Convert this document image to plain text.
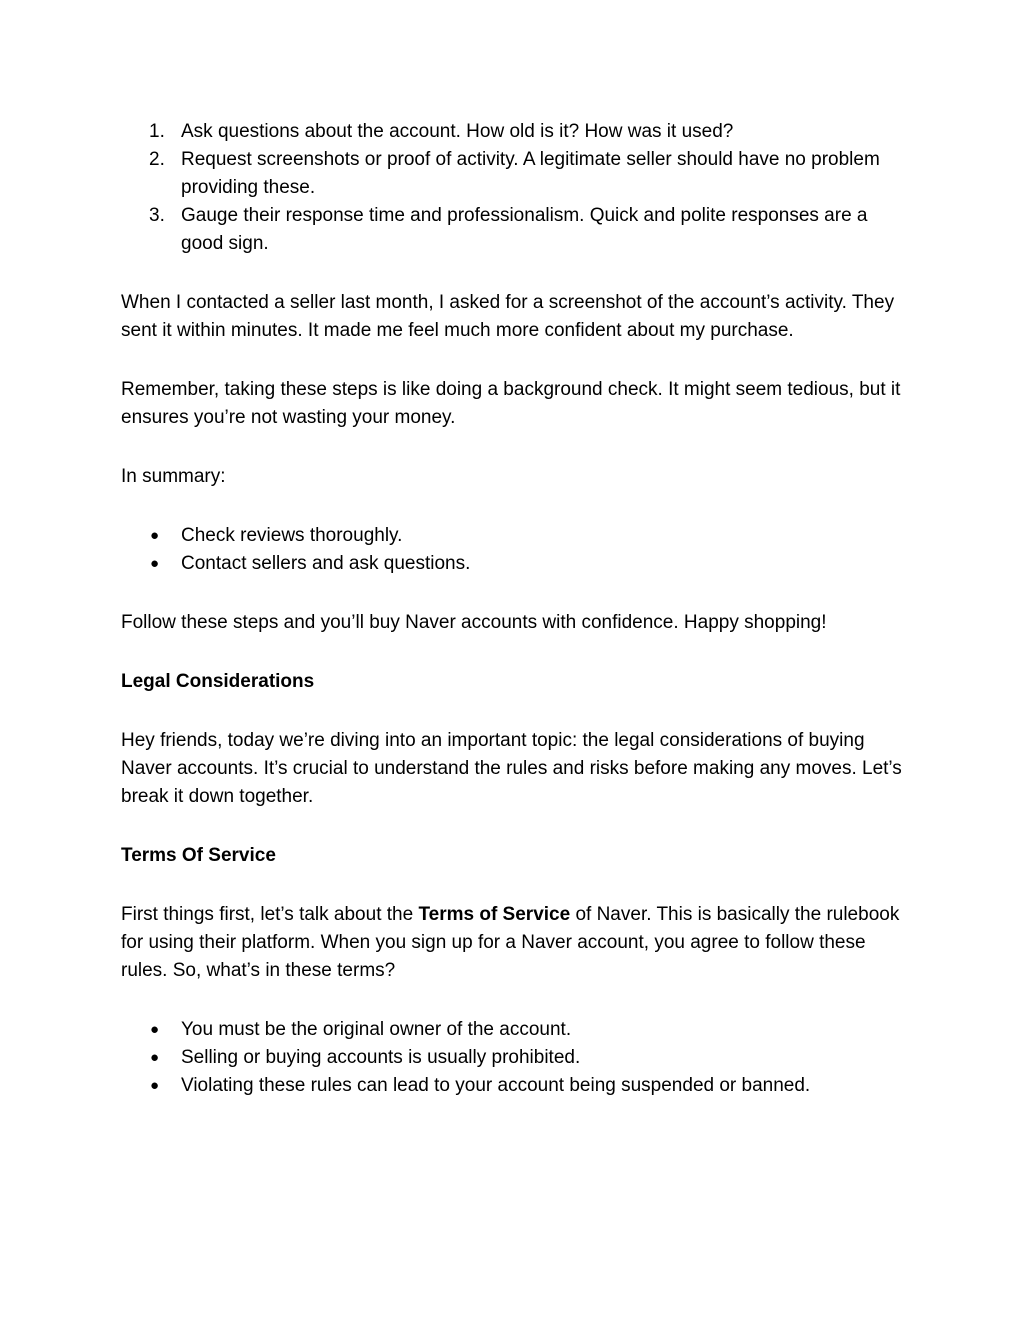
1. Ask questions about the account. How old is it? How was it used?
2. Request screenshots or proof of activity. A legitimate seller should have no problem providing these.
3. Gauge their response time and professionalism. Quick and polite responses are a good sign.

When I contacted a seller last month, I asked for a screenshot of the account’s activity. They sent it within minutes. It made me feel much more confident about my purchase.

Remember, taking these steps is like doing a background check. It might seem tedious, but it ensures you’re not wasting your money.

In summary:

● Check reviews thoroughly.
● Contact sellers and ask questions.

Follow these steps and you’ll buy Naver accounts with confidence. Happy shopping!

Legal Considerations

Hey friends, today we’re diving into an important topic: the legal considerations of buying Naver accounts. It’s crucial to understand the rules and risks before making any moves. Let’s break it down together.

Terms Of Service

First things first, let’s talk about the Terms of Service of Naver. This is basically the rulebook for using their platform. When you sign up for a Naver account, you agree to follow these rules. So, what’s in these terms?

● You must be the original owner of the account.
● Selling or buying accounts is usually prohibited.
● Violating these rules can lead to your account being suspended or banned.
